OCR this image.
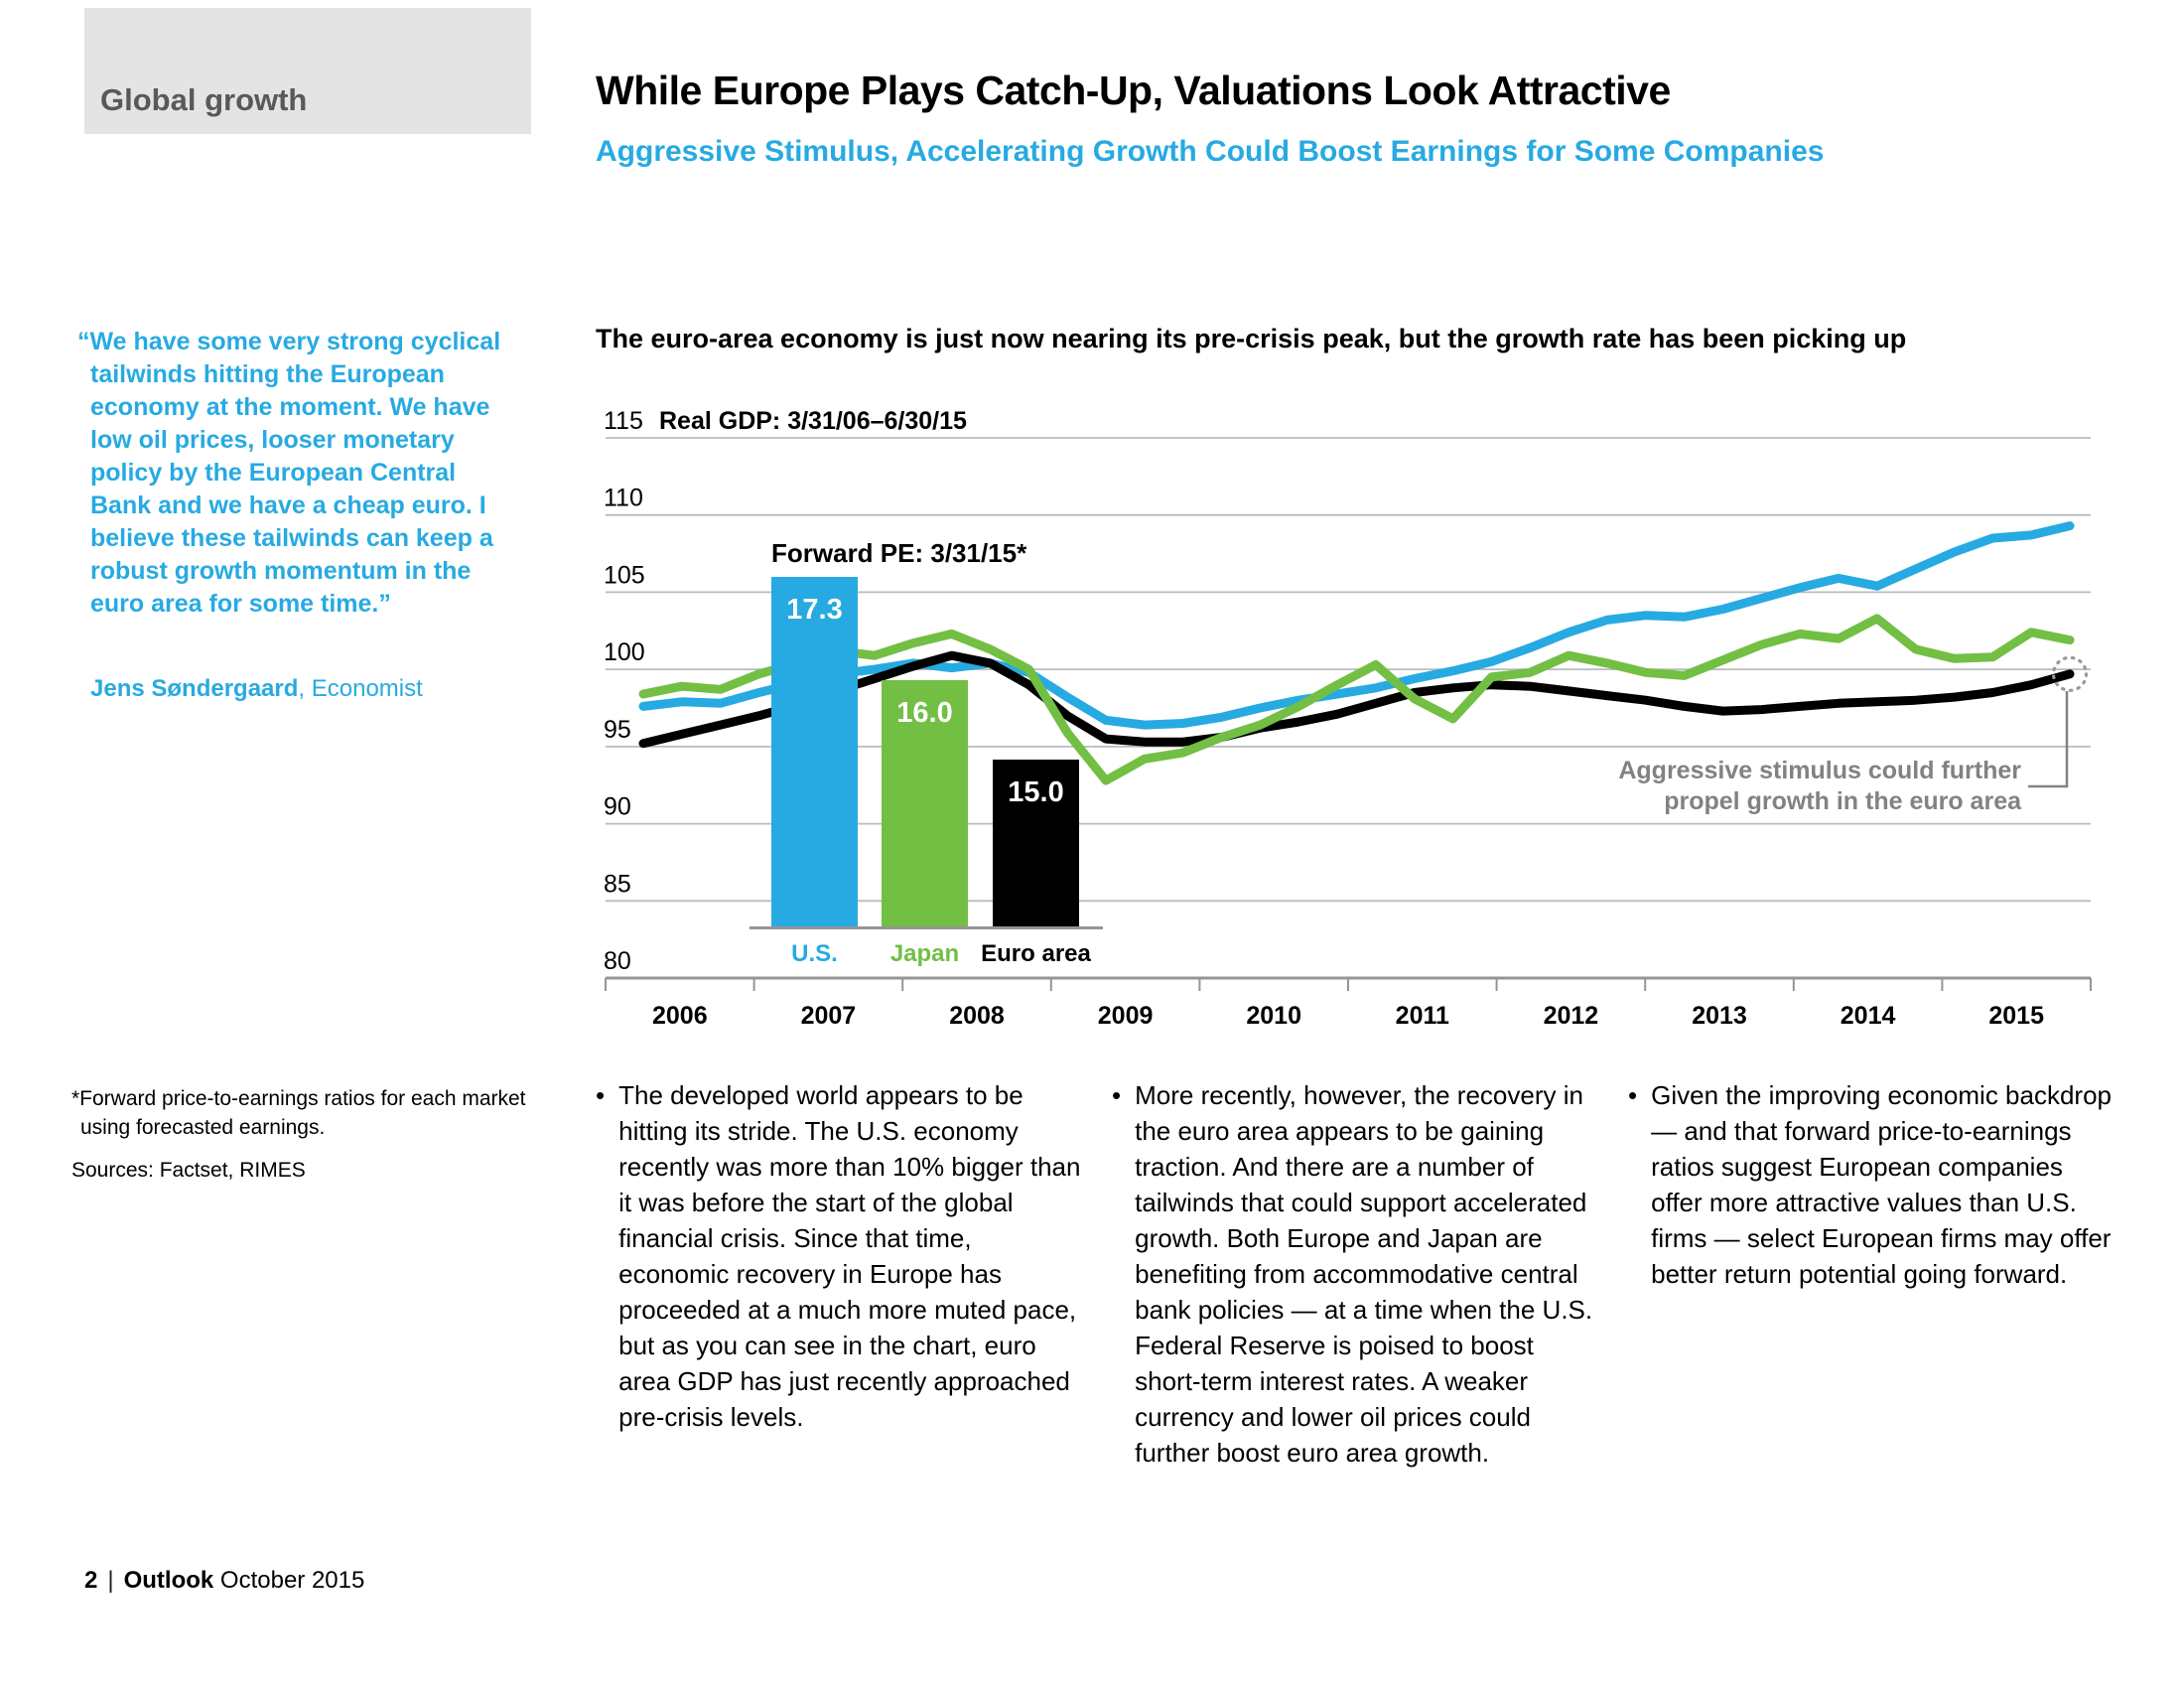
Global growth	While Europe Plays Catch-Up, Valuations Look Attractive
Aggressive Stimulus, Accelerating Growth Could Boost Earnings for Some Companies
“We have some very strong cyclical tailwinds hitting the European economy at the moment. We have low oil prices, looser monetary policy by the European Central Bank and we have a cheap euro. I believe these tailwinds can keep a robust growth momentum in the euro area for some time.”
Jens Søndergaard, Economist
The euro-area economy is just now nearing its pre-crisis peak, but the growth rate has been picking up
115
110
105
100
95
90
85
80
Real GDP: 3/31/06–6/30/15
2006	2007	2008	2009	2010	2011	2012	2013	2014	2015
Forward PE: 3/31/15*
17.3
U.S.
16.0
Japan
15.0
Euro area
Aggressive stimulus could further propel growth in the euro area

*Forward price-to-earnings ratios for each market using forecasted earnings.

Sources: Factset, RIMES

• The developed world appears to be hitting its stride. The U.S. economy recently was more than 10% bigger than it was before the start of the global financial crisis. Since that time, economic recovery in Europe has proceeded at a much more muted pace, but as you can see in the chart, euro area GDP has just recently approached pre-crisis levels.
• More recently, however, the recovery in the euro area appears to be gaining traction. And there are a number of tailwinds that could support accelerated growth. Both Europe and Japan are benefiting from accommodative central bank policies — at a time when the U.S. Federal Reserve is poised to boost short-term interest rates. A weaker currency and lower oil prices could further boost euro area growth.
• Given the improving economic backdrop — and that forward price-to-earnings ratios suggest European companies offer more attractive values than U.S. firms — select European firms may offer better return potential going forward.
2 | Outlook October 2015
